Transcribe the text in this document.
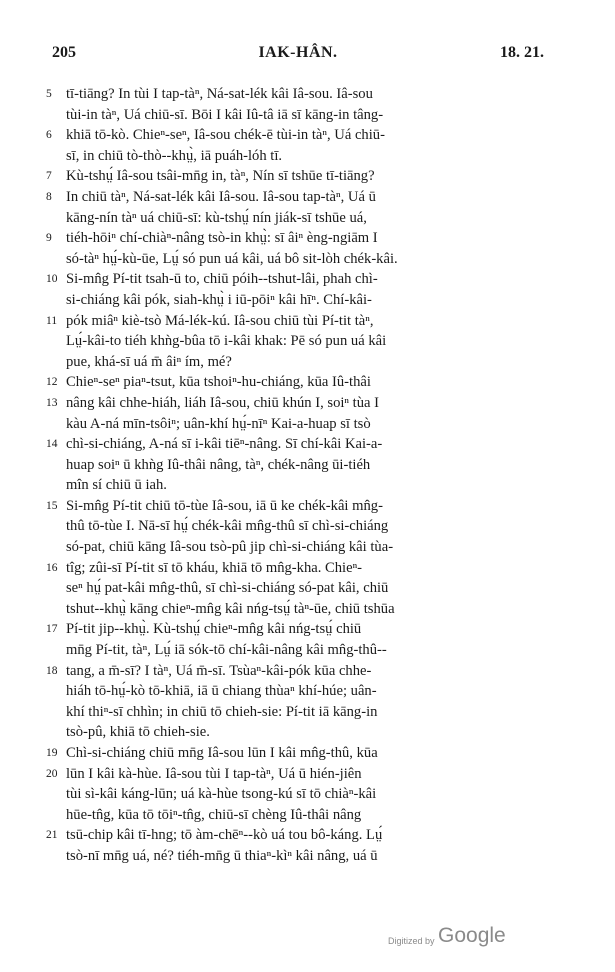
205	IAK-HÂN.	18. 21.
5 tī-tiāng? In tùi I tap-tàⁿ, Ná-sat-lék kâi Iâ-sou. Iâ-sou
tùi-in tàⁿ, Uá chiū-sī. Bōi I kâi Iû-tâ iā sī kāng-in tâng-
6 khiā tō-kò. Chieⁿ-seⁿ, Iâ-sou chék-ē tùi-in tàⁿ, Uá chiū-
sī, in chiū tò-thò--khṳ̀, iā puáh-lóh tī.
7 Kù-tshṳ́ Iâ-sou tsâi-mn̄g in, tàⁿ, Nín sī tshūe tī-tiāng?
8 In chiū tàⁿ, Ná-sat-lék kâi Iâ-sou. Iâ-sou tap-tàⁿ, Uá ū
kāng-nín tàⁿ uá chiū-sī: kù-tshṳ́ nín jiák-sī tshūe uá,
9 tiéh-hōiⁿ chí-chiàⁿ-nâng tsò-in khṳ̀: sī âiⁿ èng-ngiām I
só-tàⁿ hṳ́-kù-ūe, Lṳ́ só pun uá kâi, uá bô sit-lòh chék-kâi.
10 Si-mn̂g Pí-tit tsah-ū to, chiū póih--tshut-lâi, phah chì-
si-chiáng kâi pók, siah-khṳ̀ i iū-pōiⁿ kâi hīⁿ. Chí-kâi-
11 pók miâⁿ kiè-tsò Má-lék-kú. Iâ-sou chiū tùi Pí-tit tàⁿ,
Lṳ́-kâi-to tiéh khǹg-bûa tō i-kâi khak: Pē só pun uá kâi
pue, khá-sī uá m̄ âiⁿ ím, mé?
12 Chieⁿ-seⁿ piaⁿ-tsut, kūa tshoiⁿ-hu-chiáng, kūa Iû-thâi
13 nâng kâi chhe-hiáh, liáh Iâ-sou, chiū khún I, soiⁿ tùa I
kàu A-ná mīn-tsôiⁿ; uân-khí hṳ́-nīⁿ Kai-a-huap sī tsò
14 chì-si-chiáng, A-ná sī i-kâi tiēⁿ-nâng. Sī chí-kâi Kai-a-
huap soiⁿ ū khǹg Iû-thâi nâng, tàⁿ, chék-nâng ūi-tiéh
mîn sí chiū ū iah.
15 Si-mn̂g Pí-tit chiū tō-tùe Iâ-sou, iā ū ke chék-kâi mn̂g-
thû tō-tùe I. Nā-sī hṳ́ chék-kâi mn̂g-thû sī chì-si-chiáng
só-pat, chiū kāng Iâ-sou tsò-pû jip chì-si-chiáng kâi tùa-
16 tîg; zûi-sī Pí-tit sī tō kháu, khiā tō mn̂g-kha. Chieⁿ-
seⁿ hṳ́ pat-kâi mn̂g-thû, sī chì-si-chiáng só-pat kâi, chiū
tshut--khṳ̀ kāng chieⁿ-mn̂g kâi nńg-tsṳ́ tàⁿ-ūe, chiū tshūa
17 Pí-tit jip--khṳ̀. Kù-tshṳ́ chieⁿ-mn̂g kâi nńg-tsṳ́ chiū
mn̄g Pí-tit, tàⁿ, Lṳ́ iā sók-tō chí-kâi-nâng kâi mn̂g-thû--
18 tang, a m̄-sī? I tàⁿ, Uá m̄-sī. Tsùaⁿ-kâi-pók kūa chhe-
hiáh tō-hṳ́-kò tō-khiā, iā ū chiang thùaⁿ khí-húe; uân-
khí thiⁿ-sī chhìn; in chiū tō chieh-sie: Pí-tit iā kāng-in
tsò-pû, khiā tō chieh-sie.
19 Chì-si-chiáng chiū mn̄g Iâ-sou lūn I kâi mn̂g-thû, kūa
20 lūn I kâi kà-hùe. Iâ-sou tùi I tap-tàⁿ, Uá ū hién-jiên
tùi sì-kâi káng-lūn; uá kà-hùe tsong-kú sī tō chiàⁿ-kâi
hūe-tn̂g, kūa tō tōiⁿ-tn̂g, chiū-sī chèng Iû-thâi nâng
21 tsū-chip kâi tī-hng; tō àm-chēⁿ--kò uá tou bô-káng. Lṳ́
tsò-nī mn̄g uá, né? tiéh-mn̄g ū thiaⁿ-kìⁿ kâi nâng, uá ū
Digitized by Google
